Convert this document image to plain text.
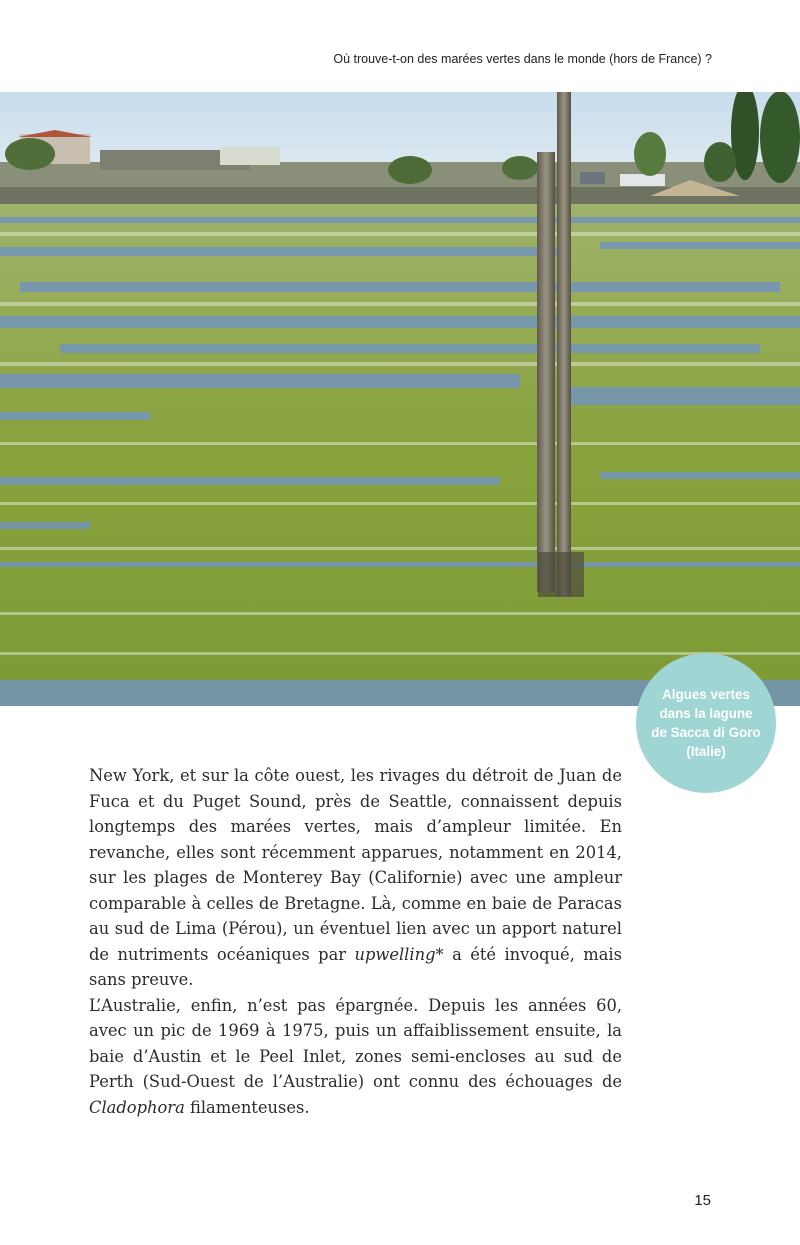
Où trouve-t-on des marées vertes dans le monde (hors de France) ?
Algues vertes
dans la lagune
de Sacca di Goro
(Italie)

New York, et sur la côte ouest, les rivages du détroit de Juan de Fuca et du Puget Sound, près de Seattle, connaissent depuis longtemps des marées vertes, mais d’ampleur limitée. En revanche, elles sont récemment apparues, notamment en 2014, sur les plages de Monterey Bay (Californie) avec une ampleur comparable à celles de Bretagne. Là, comme en baie de Paracas au sud de Lima (Pérou), un éventuel lien avec un apport naturel de nutriments océaniques par upwelling* a été invoqué, mais sans preuve.

L’Australie, enfin, n’est pas épargnée. Depuis les années 60, avec un pic de 1969 à 1975, puis un affaiblissement ensuite, la baie d’Austin et le Peel Inlet, zones semi-encloses au sud de Perth (Sud-Ouest de l’Australie) ont connu des échouages de Cladophora filamenteuses.

15
